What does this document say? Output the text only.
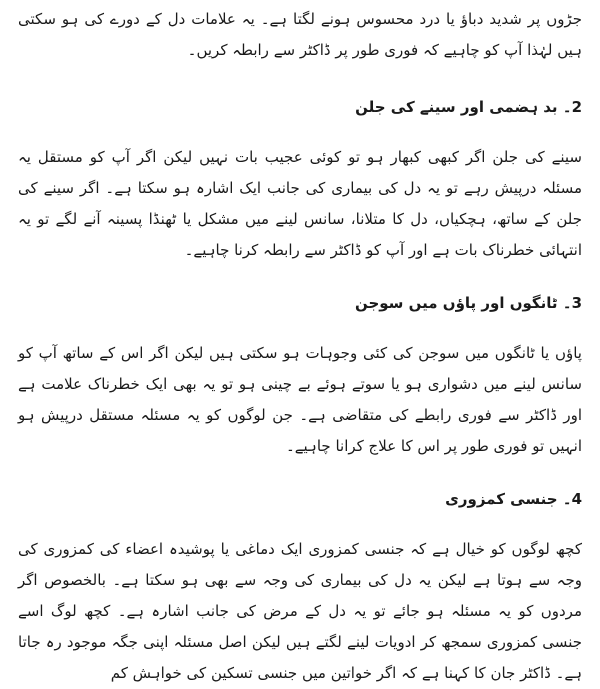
جڑوں پر شدید دباؤ یا درد محسوس ہونے لگتا ہے۔ یہ علامات دل کے دورے کی ہو سکتی ہیں لہٰذا آپ کو چاہیے کہ فوری طور پر ڈاکٹر سے رابطہ کریں۔

2۔ بد ہضمی اور سینے کی جلن

سینے کی جلن اگر کبھی کبھار ہو تو کوئی عجیب بات نہیں لیکن اگر آپ کو مستقل یہ مسئلہ درپیش رہے تو یہ دل کی بیماری کی جانب ایک اشارہ ہو سکتا ہے۔ اگر سینے کی جلن کے ساتھ، ہچکیاں، دل کا متلانا، سانس لینے میں مشکل یا ٹھنڈا پسینہ آنے لگے تو یہ انتہائی خطرناک بات ہے اور آپ کو ڈاکٹر سے رابطہ کرنا چاہیے۔

3۔ ٹانگوں اور پاؤں میں سوجن

پاؤں یا ٹانگوں میں سوجن کی کئی وجوہات ہو سکتی ہیں لیکن اگر اس کے ساتھ آپ کو سانس لینے میں دشواری ہو یا سوتے ہوئے بے چینی ہو تو یہ بھی ایک خطرناک علامت ہے اور ڈاکٹر سے فوری رابطے کی متقاضی ہے۔ جن لوگوں کو یہ مسئلہ مستقل درپیش ہو انہیں تو فوری طور پر اس کا علاج کرانا چاہیے۔

4۔ جنسی کمزوری

کچھ لوگوں کو خیال ہے کہ جنسی کمزوری ایک دماغی یا پوشیدہ اعضاء کی کمزوری کی وجہ سے ہوتا ہے لیکن یہ دل کی بیماری کی وجہ سے بھی ہو سکتا ہے۔ بالخصوص اگر مردوں کو یہ مسئلہ ہو جائے تو یہ دل کے مرض کی جانب اشارہ ہے۔ کچھ لوگ اسے جنسی کمزوری سمجھ کر ادویات لینے لگتے ہیں لیکن اصل مسئلہ اپنی جگہ موجود رہ جاتا ہے۔ ڈاکٹر جان کا کہنا ہے کہ اگر خواتین میں جنسی تسکین کی خواہش کم
